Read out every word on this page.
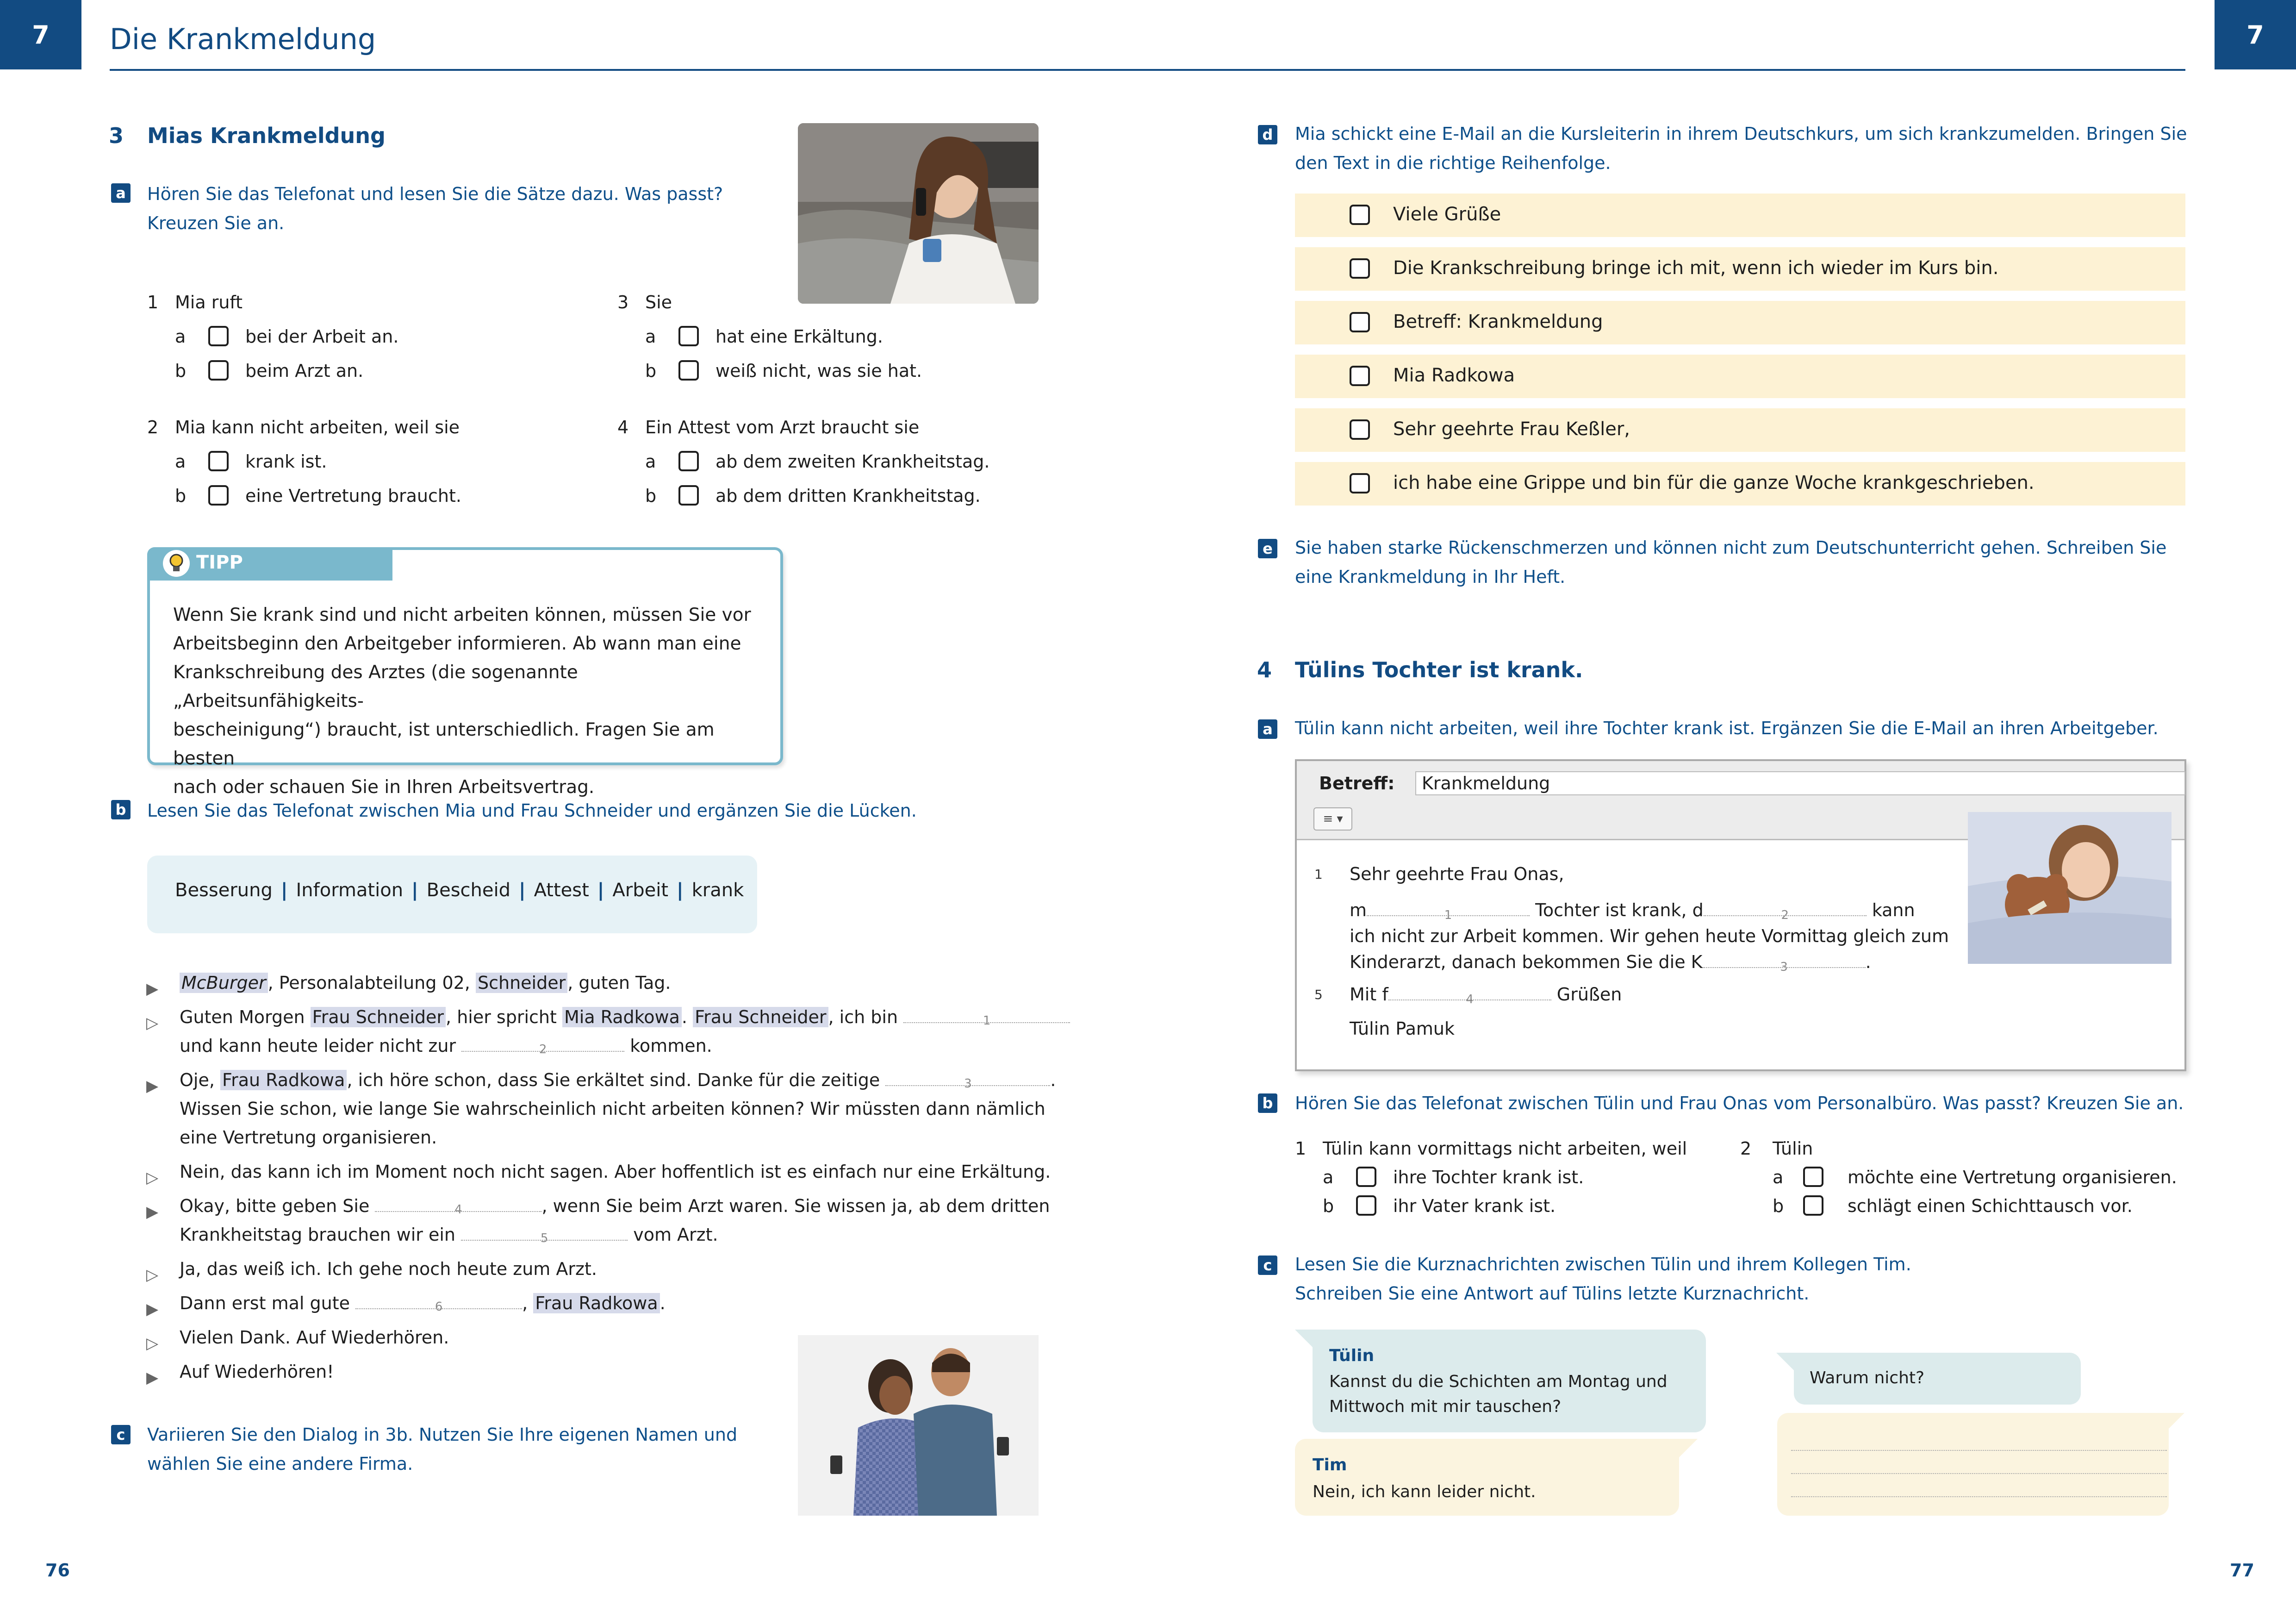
7	7
Die Krankmeldung
3 Mias Krankmeldung
a Hören Sie das Telefonat und lesen Sie die Sätze dazu. Was passt?
Kreuzen Sie an.
1 Mia ruft
a	bei der Arbeit an.
b	beim Arzt an.
2 Mia kann nicht arbeiten, weil sie
a	krank ist.
b	eine Vertretung braucht.
3 Sie
a	hat eine Erkältung.
b	weiß nicht, was sie hat.
4 Ein Attest vom Arzt braucht sie
a	ab dem zweiten Krankheitstag.
b	ab dem dritten Krankheitstag.
TIPP
Wenn Sie krank sind und nicht arbeiten können, müssen Sie vor
Arbeitsbeginn den Arbeitgeber informieren. Ab wann man eine
Krankschreibung des Arztes (die sogenannte „Arbeitsunfähigkeits-
bescheinigung“) braucht, ist unterschiedlich. Fragen Sie am besten
nach oder schauen Sie in Ihren Arbeitsvertrag.
b Lesen Sie das Telefonat zwischen Mia und Frau Schneider und ergänzen Sie die Lücken.
Besserung | Information | Bescheid | Attest | Arbeit | krank
▶ McBurger , Personalabteilung 02, Schneider , guten Tag.
▷ Guten Morgen Frau Schneider , hier spricht Mia Radkowa . Frau Schneider , ich bin	1
und kann heute leider nicht zur	2	kommen.
▶ Oje, Frau Radkowa , ich höre schon, dass Sie erkältet sind. Danke für die zeitige	3	.
Wissen Sie schon, wie lange Sie wahrscheinlich nicht arbeiten können? Wir müssten dann nämlich
eine Vertretung organisieren.
▷ Nein, das kann ich im Moment noch nicht sagen. Aber hoffentlich ist es einfach nur eine Erkältung.
▶ Okay, bitte geben Sie	4	, wenn Sie beim Arzt waren. Sie wissen ja, ab dem dritten
Krankheitstag brauchen wir ein	5	vom Arzt.
▷ Ja, das weiß ich. Ich gehe noch heute zum Arzt.
▶ Dann erst mal gute	6	, Frau Radkowa .
▷ Vielen Dank. Auf Wiederhören.
▶ Auf Wiederhören!
c	Variieren Sie den Dialog in 3b. Nutzen Sie Ihre eigenen Namen und
wählen Sie eine andere Firma.
76
d Mia schickt eine E-Mail an die Kursleiterin in ihrem Deutschkurs, um sich krankzumelden. Bringen Sie
den Text in die richtige Reihenfolge.
Viele Grüße
Die Krankschreibung bringe ich mit, wenn ich wieder im Kurs bin.
Betreff: Krankmeldung
Mia Radkowa
Sehr geehrte Frau Keßler,
ich habe eine Grippe und bin für die ganze Woche krankgeschrieben.
e Sie haben starke Rückenschmerzen und können nicht zum Deutschunterricht gehen. Schreiben Sie
eine Krankmeldung in Ihr Heft.
4 Tülins Tochter ist krank.
a Tülin kann nicht arbeiten, weil ihre Tochter krank ist. Ergänzen Sie die E-Mail an ihren Arbeitgeber.
Betreff: Krankmeldung
≡ ▾
1 Sehr geehrte Frau Onas,
m	1	Tochter ist krank, d	2	kann
ich nicht zur Arbeit kommen. Wir gehen heute Vormittag gleich zum
Kinderarzt, danach bekommen Sie die K	3	.
5 Mit f	4	Grüßen
Tülin Pamuk
b Hören Sie das Telefonat zwischen Tülin und Frau Onas vom Personalbüro. Was passt? Kreuzen Sie an.
1 Tülin kann vormittags nicht arbeiten, weil
a	ihre Tochter krank ist.
b	ihr Vater krank ist.
2 Tülin
a	möchte eine Vertretung organisieren.
b	schlägt einen Schichttausch vor.
c	Lesen Sie die Kurznachrichten zwischen Tülin und ihrem Kollegen Tim.
Schreiben Sie eine Antwort auf Tülins letzte Kurznachricht.
Tülin
Kannst du die Schichten am Montag und
Mittwoch mit mir tauschen?
Tim
Nein, ich kann leider nicht.
Warum nicht?
77
